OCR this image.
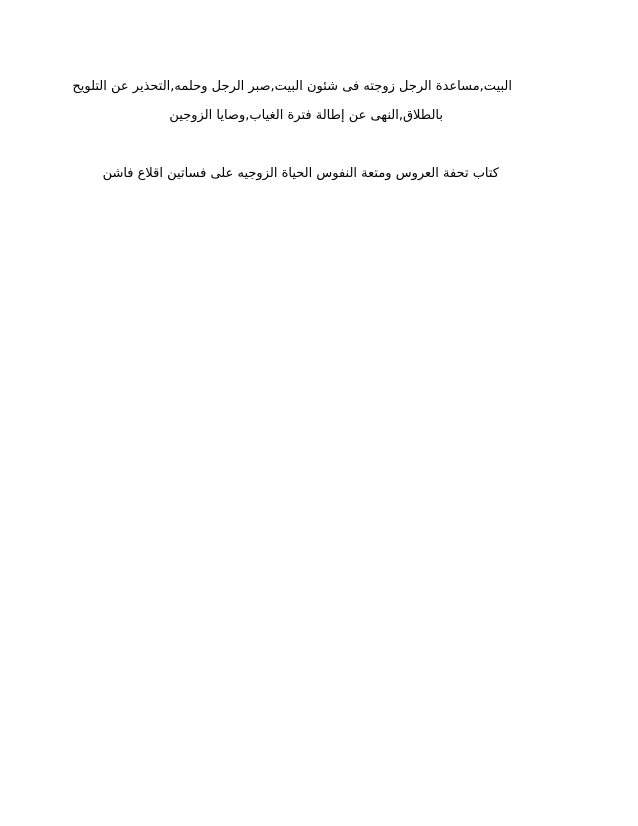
البيت,مساعدة الرجل زوجته فى شئون البيت,صبر الرجل وحلمه,التحذير عن التلويح
بالطلاق,النهى عن إطالة فترة الغياب,وصايا الزوجين
كتاب تحفة العروس ومتعة النفوس الحياة الزوجيه على فساتين اقلاع فاشن
